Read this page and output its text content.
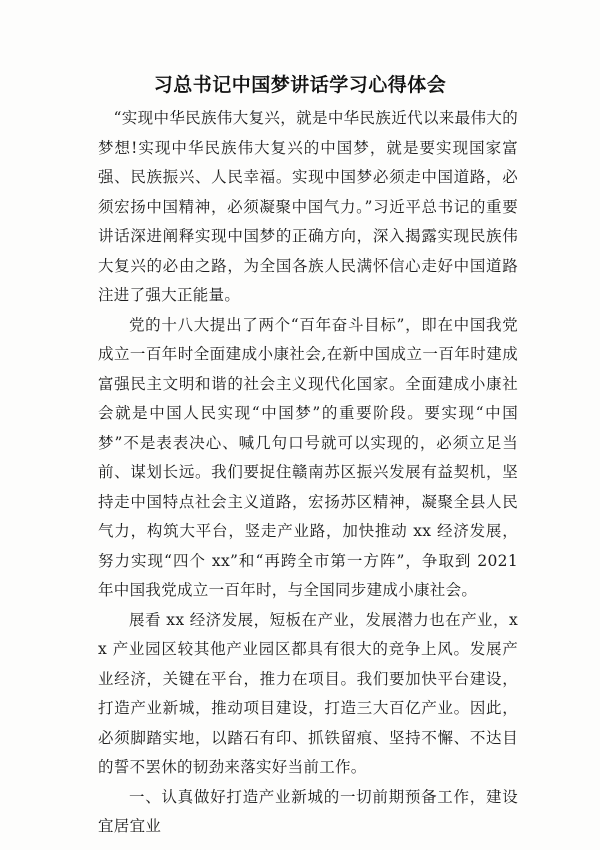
习总书记中国梦讲话学习心得体会

“实现中华民族伟大复兴，就是中华民族近代以来最伟大的梦想!实现中华民族伟大复兴的中国梦，就是要实现国家富强、民族振兴、人民幸福。实现中国梦必须走中国道路，必须宏扬中国精神，必须凝聚中国气力。”习近平总书记的重要讲话深进阐释实现中国梦的正确方向，深入揭露实现民族伟大复兴的必由之路，为全国各族人民满怀信心走好中国道路注进了强大正能量。

党的十八大提出了两个“百年奋斗目标”，即在中国我党成立一百年时全面建成小康社会,在新中国成立一百年时建成富强民主文明和谐的社会主义现代化国家。全面建成小康社会就是中国人民实现“中国梦”的重要阶段。要实现“中国梦”不是表表决心、喊几句口号就可以实现的，必须立足当前、谋划长远。我们要捉住赣南苏区振兴发展有益契机，坚持走中国特点社会主义道路，宏扬苏区精神，凝聚全县人民气力，构筑大平台，竖走产业路，加快推动 xx 经济发展，努力实现“四个 xx”和“再跨全市第一方阵”，争取到 2021 年中国我党成立一百年时，与全国同步建成小康社会。

展看 xx 经济发展，短板在产业，发展潜力也在产业，xx 产业园区较其他产业园区都具有很大的竞争上风。发展产业经济，关键在平台，推力在项目。我们要加快平台建设，打造产业新城，推动项目建设，打造三大百亿产业。因此，必须脚踏实地，以踏石有印、抓铁留痕、坚持不懈、不达目的誓不罢休的韧劲来落实好当前工作。

一、认真做好打造产业新城的一切前期预备工作，建设宜居宜业
